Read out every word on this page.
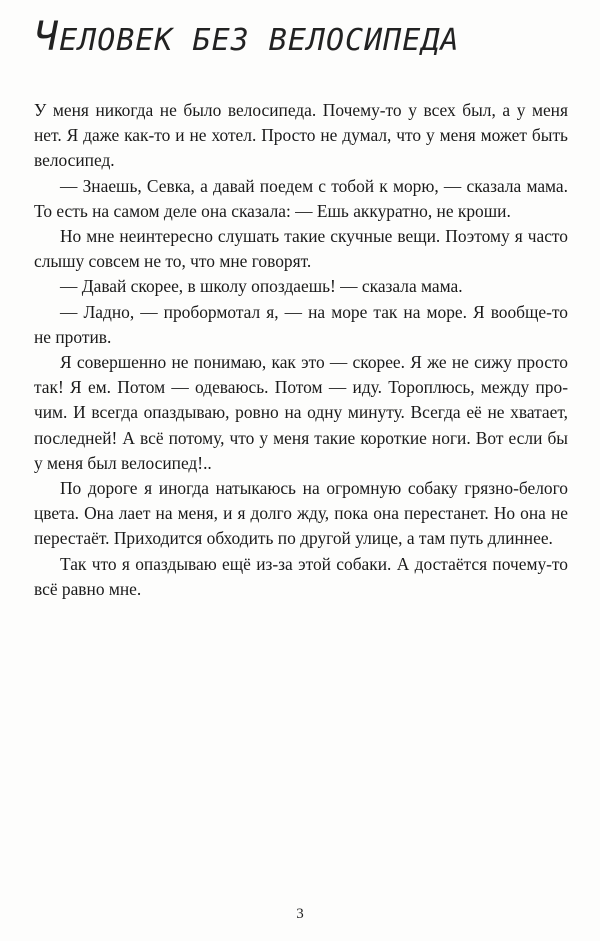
ЧЕЛОВЕК БЕЗ ВЕЛОСИПЕДА

У меня никогда не было велосипеда. Почему-то у всех был, а у меня нет. Я даже как-то и не хотел. Просто не думал, что у меня может быть велосипед.

— Знаешь, Севка, а давай поедем с тобой к морю, — сказала мама. То есть на самом деле она сказала: — Ешь аккуратно, не кроши.

Но мне неинтересно слушать такие скучные вещи. Поэтому я часто слышу совсем не то, что мне говорят.

— Давай скорее, в школу опоздаешь! — сказала мама.

— Ладно, — пробормотал я, — на море так на море. Я вообще-то не против.

Я совершенно не понимаю, как это — скорее. Я же не сижу просто так! Я ем. Потом — одеваюсь. Потом — иду. Тороплюсь, между прочим. И всегда опаздываю, ровно на одну минуту. Всегда её не хватает, последней! А всё потому, что у меня такие короткие ноги. Вот если бы у меня был велосипед!..

По дороге я иногда натыкаюсь на огромную собаку грязно-белого цвета. Она лает на меня, и я долго жду, пока она перестанет. Но она не перестаёт. Приходится обходить по другой улице, а там путь длиннее.

Так что я опаздываю ещё из-за этой собаки. А достаётся почему-то всё равно мне.

3
